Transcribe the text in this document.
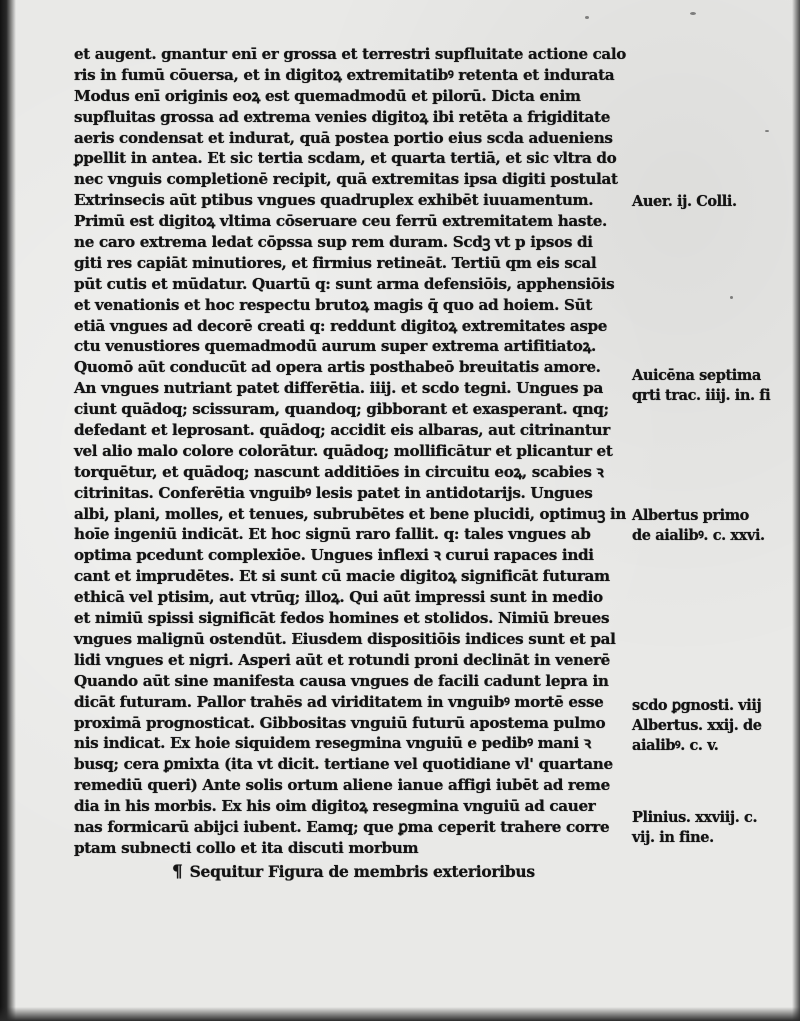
et augent. gnantur enī er grossa et terrestri supfluitate actione calo
ris in fumū cōuersa, et in digitoꝝ extremitatibꝰ retenta et indurata
Modus enī originis eoꝝ est quemadmodū et pilorū. Dicta enim
supfluitas grossa ad extrema venies digitoꝝ ibi retēta a frigiditate
aeris condensat et indurat, quā postea portio eius scda adueniens
ꝑpellit in antea. Et sic tertia scdam, et quarta tertiā, et sic vltra do
nec vnguis completionē recipit, quā extremitas ipsa digiti postulat
Extrinsecis aūt ptibus vngues quadruplex exhibēt iuuamentum.
Primū est digitoꝝ vltima cōseruare ceu ferrū extremitatem haste.
ne caro extrema ledat cōpssa sup rem duram. Scdꝫ vt p ipsos di
giti res capiāt minutiores, et firmius retineāt. Tertiū qm eis scal
pūt cutis et mūdatur. Quartū q: sunt arma defensiōis, apphensiōis
et venationis et hoc respectu brutoꝝ magis q̄ quo ad hoiem. Sūt
etiā vngues ad decorē creati q: reddunt digitoꝝ extremitates aspe
ctu venustiores quemadmodū aurum super extrema artifitiatoꝝ.
Quomō aūt conducūt ad opera artis posthabeō breuitatis amore.
An vngues nutriant patet differētia. iiij. et scdo tegni. Ungues pa
ciunt quādoq; scissuram, quandoq; gibborant et exasperant. qnq;
defedant et leprosant. quādoq; accidit eis albaras, aut citrinantur
vel alio malo colore colorātur. quādoq; mollificātur et plicantur et
torquētur, et quādoq; nascunt additiōes in circuitu eoꝝ, scabies ꝛ
citrinitas. Conferētia vnguibꝰ lesis patet in antidotarijs. Ungues
albi, plani, molles, et tenues, subrubētes et bene plucidi, optimuꝫ in
hoīe ingeniū indicāt. Et hoc signū raro fallit. q: tales vngues ab
optima pcedunt complexiōe. Ungues inflexi ꝛ curui rapaces indi
cant et imprudētes. Et si sunt cū macie digitoꝝ significāt futuram
ethicā vel ptisim, aut vtrūq; illoꝝ. Qui aūt impressi sunt in medio
et nimiū spissi significāt fedos homines et stolidos. Nimiū breues
vngues malignū ostendūt. Eiusdem dispositiōis indices sunt et pal
lidi vngues et nigri. Asperi aūt et rotundi proni declināt in venerē
Quando aūt sine manifesta causa vngues de facili cadunt lepra in
dicāt futuram. Pallor trahēs ad viriditatem in vnguibꝰ mortē esse
proximā prognosticat. Gibbositas vnguiū futurū apostema pulmo
nis indicat. Ex hoie siquidem resegmina vnguiū e pedibꝰ mani ꝛ
busq; cera ꝑmixta (ita vt dicit. tertiane vel quotidiane vl' quartane
remediū queri) Ante solis ortum aliene ianue affigi iubēt ad reme
dia in his morbis. Ex his oim digitoꝝ resegmina vnguiū ad cauer
nas formicarū abijci iubent. Eamq; que ꝑma ceperit trahere corre
ptam subnecti collo et ita discuti morbum
¶ Sequitur Figura de membris exterioribus
Auer. ij. Colli.
Auicēna septima
qrti trac. iiij. in. fi
Albertus primo
de aialibꝰ. c. xxvi.
scdo ꝑgnosti. viij
Albertus. xxij. de
aialibꝰ. c. v.
Plinius. xxviij. c.
vij. in fine.
